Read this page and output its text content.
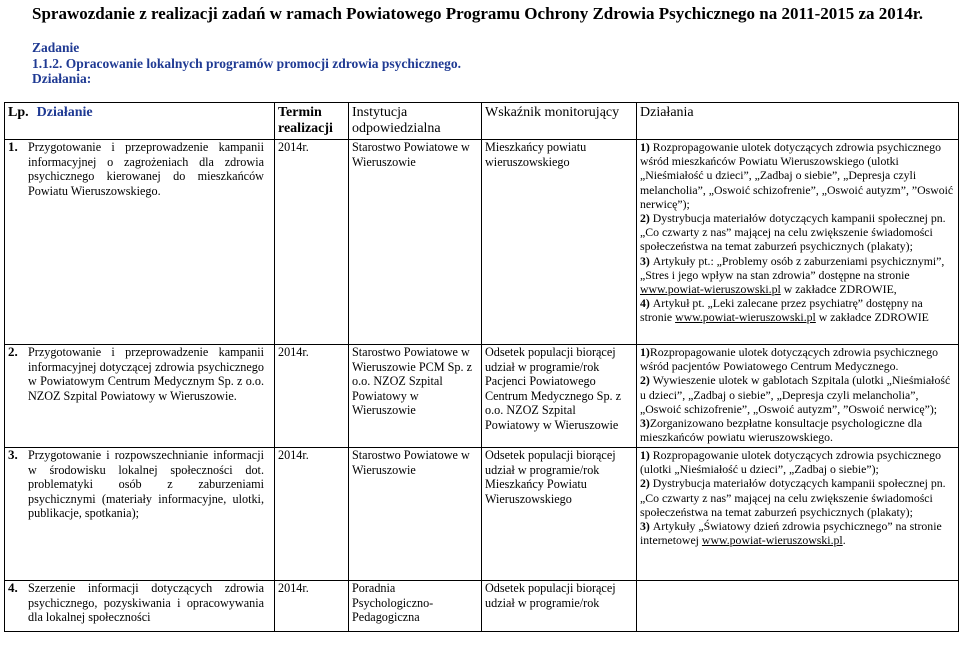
Sprawozdanie z realizacji zadań w ramach Powiatowego Programu Ochrony Zdrowia Psychicznego na 2011-2015 za 2014r.
Zadanie
1.1.2. Opracowanie lokalnych programów promocji zdrowia psychicznego.
Działania:
Lp. Działanie	Termin realizacji	Instytucja odpowiedzialna	Wskaźnik monitorujący	Działania
1. Przygotowanie i przeprowadzenie kampanii informacyjnej o zagrożeniach dla zdrowia psychicznego kierowanej do mieszkańców Powiatu Wieruszowskiego.	2014r.	Starostwo Powiatowe w Wieruszowie	Mieszkańcy powiatu wieruszowskiego	1) Rozpropagowanie ulotek dotyczących zdrowia psychicznego wśród mieszkańców Powiatu Wieruszowskiego (ulotki „Nieśmiałość u dzieci”, „Zadbaj o siebie”, „Depresja czyli melancholia”, „Oswoić schizofrenie”, „Oswoić autyzm”, ”Oswoić nerwicę”);
2) Dystrybucja materiałów dotyczących kampanii społecznej pn. „Co czwarty z nas” mającej na celu zwiększenie świadomości społeczeństwa na temat zaburzeń psychicznych (plakaty);
3) Artykuły pt.: „Problemy osób z zaburzeniami psychicznymi”, „Stres i jego wpływ na stan zdrowia” dostępne na stronie www.powiat-wieruszowski.pl w zakładce ZDROWIE,
4) Artykuł pt. „Leki zalecane przez psychiatrę” dostępny na stronie www.powiat-wieruszowski.pl w zakładce ZDROWIE

2. Przygotowanie i przeprowadzenie kampanii informacyjnej dotyczącej zdrowia psychicznego w Powiatowym Centrum Medycznym Sp. z o.o. NZOZ Szpital Powiatowy w Wieruszowie.	2014r.	Starostwo Powiatowe w Wieruszowie PCM Sp. z o.o. NZOZ Szpital Powiatowy w Wieruszowie	Odsetek populacji biorącej udział w programie/rok Pacjenci Powiatowego Centrum Medycznego Sp. z o.o. NZOZ Szpital Powiatowy w Wieruszowie	1)Rozpropagowanie ulotek dotyczących zdrowia psychicznego wśród pacjentów Powiatowego Centrum Medycznego.
2) Wywieszenie ulotek w gablotach Szpitala (ulotki „Nieśmiałość u dzieci”, „Zadbaj o siebie”, „Depresja czyli melancholia”, „Oswoić schizofrenie”, „Oswoić autyzm”, ”Oswoić nerwicę”);
3)Zorganizowano bezpłatne konsultacje psychologiczne dla mieszkańców powiatu wieruszowskiego.

3. Przygotowanie i rozpowszechnianie informacji w środowisku lokalnej społeczności dot. problematyki osób z zaburzeniami psychicznymi (materiały informacyjne, ulotki, publikacje, spotkania);	2014r.	Starostwo Powiatowe w Wieruszowie	Odsetek populacji biorącej udział w programie/rok Mieszkańcy Powiatu Wieruszowskiego	1) Rozpropagowanie ulotek dotyczących zdrowia psychicznego (ulotki „Nieśmiałość u dzieci”, „Zadbaj o siebie”);
2) Dystrybucja materiałów dotyczących kampanii społecznej pn. „Co czwarty z nas” mającej na celu zwiększenie świadomości społeczeństwa na temat zaburzeń psychicznych (plakaty);
3) Artykuły „Światowy dzień zdrowia psychicznego” na stronie internetowej www.powiat-wieruszowski.pl.

4. Szerzenie informacji dotyczących zdrowia psychicznego, pozyskiwania i opracowywania dla lokalnej społeczności	2014r.	Poradnia Psychologiczno-Pedagogiczna	Odsetek populacji biorącej udział w programie/rok	
